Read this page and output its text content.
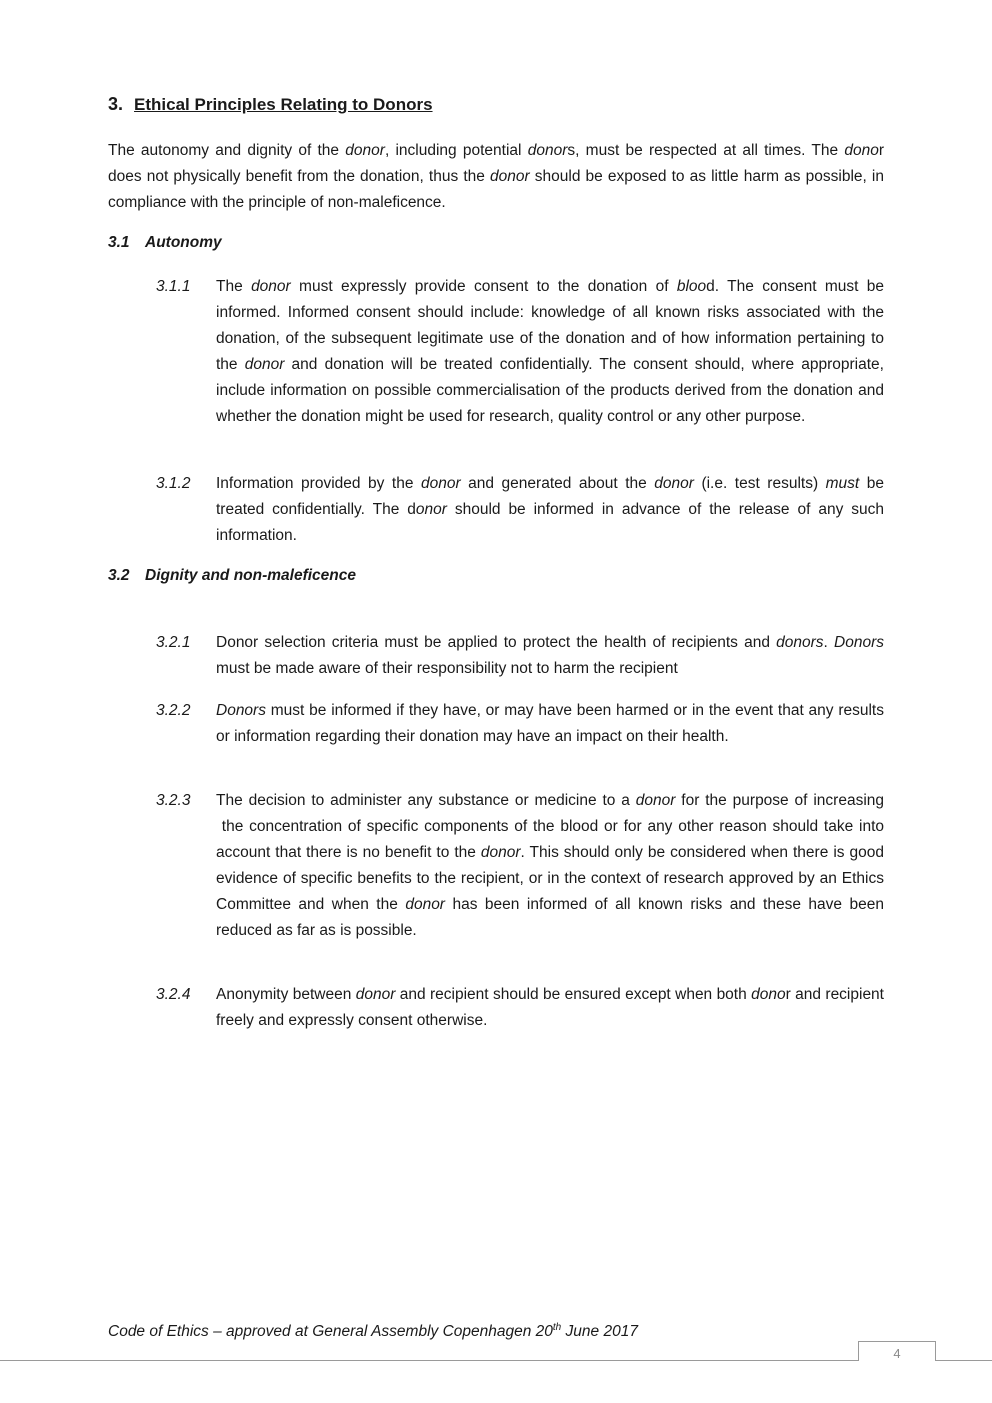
3. Ethical Principles Relating to Donors

The autonomy and dignity of the donor, including potential donors, must be respected at all times. The donor does not physically benefit from the donation, thus the donor should be exposed to as little harm as possible, in compliance with the principle of non-maleficence.

3.1 Autonomy
3.1.1 The donor must expressly provide consent to the donation of blood. The consent must be informed. Informed consent should include: knowledge of all known risks associated with the donation, of the subsequent legitimate use of the donation and of how information pertaining to the donor and donation will be treated confidentially. The consent should, where appropriate, include information on possible commercialisation of the products derived from the donation and whether the donation might be used for research, quality control or any other purpose.
3.1.2 Information provided by the donor and generated about the donor (i.e. test results) must be treated confidentially. The donor should be informed in advance of the release of any such information.
3.2 Dignity and non-maleficence
3.2.1 Donor selection criteria must be applied to protect the health of recipients and donors. Donors must be made aware of their responsibility not to harm the recipient
3.2.2 Donors must be informed if they have, or may have been harmed or in the event that any results or information regarding their donation may have an impact on their health.
3.2.3 The decision to administer any substance or medicine to a donor for the purpose of increasing  the concentration of specific components of the blood or for any other reason should take into account that there is no benefit to the donor. This should only be considered when there is good evidence of specific benefits to the recipient, or in the context of research approved by an Ethics Committee and when the donor has been informed of all known risks and these have been reduced as far as is possible.
3.2.4 Anonymity between donor and recipient should be ensured except when both donor and recipient freely and expressly consent otherwise.
Code of Ethics – approved at General Assembly Copenhagen 20th June 2017
4
